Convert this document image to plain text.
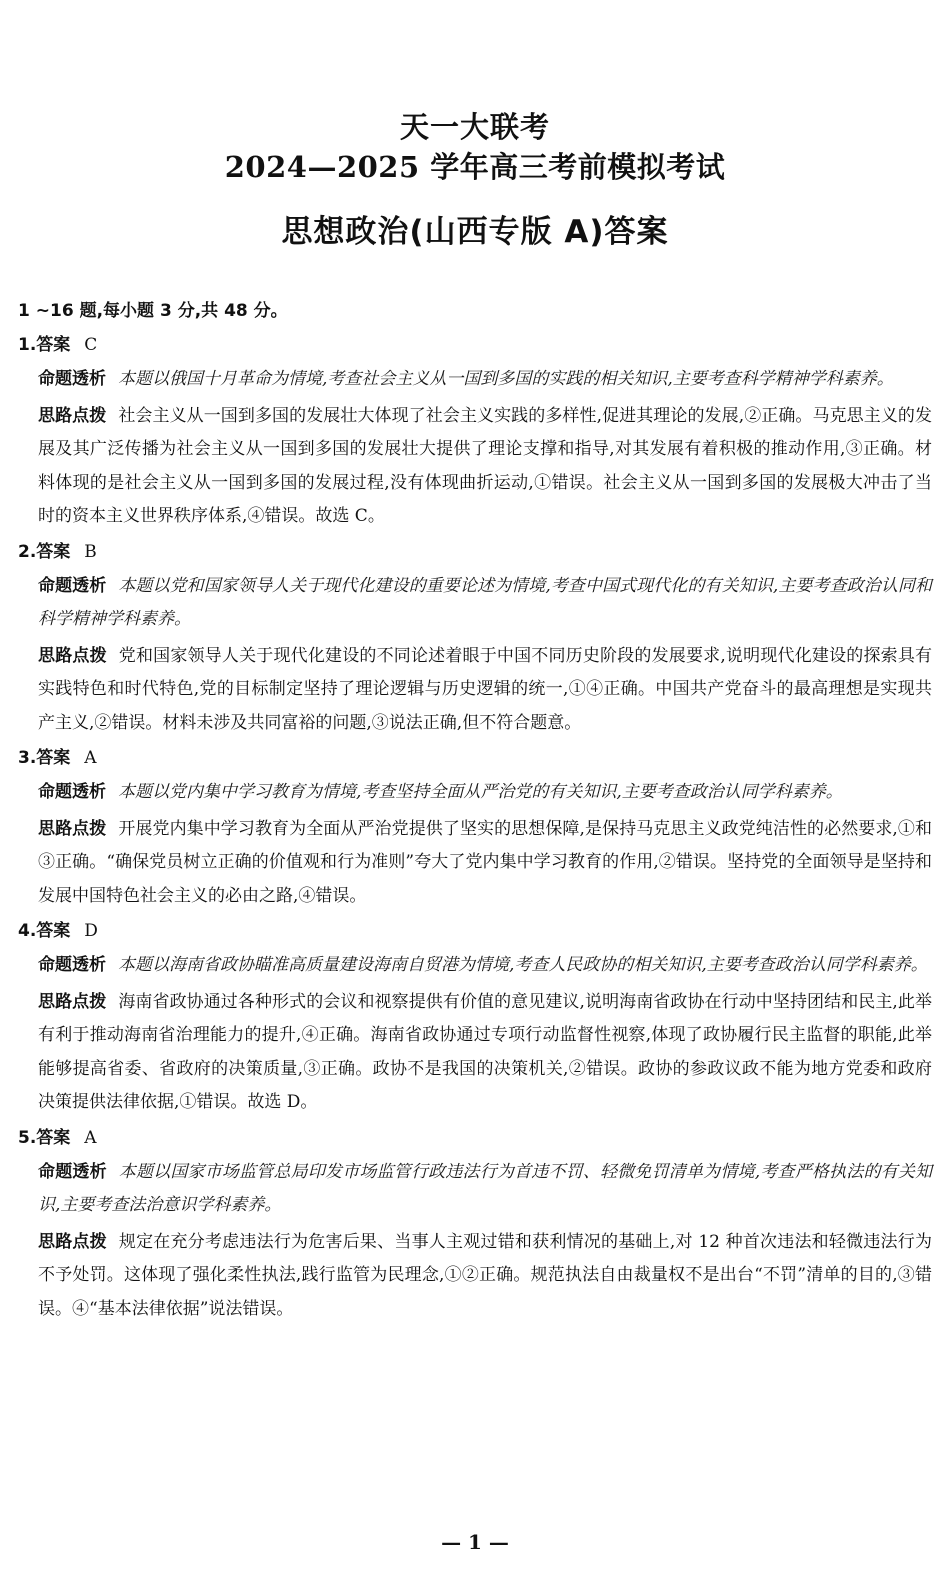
天一大联考
2024—2025 学年高三考前模拟考试
思想政治(山西专版 A)答案
1 ~16 题,每小题 3 分,共 48 分。
1.答案 C
命题透析 本题以俄国十月革命为情境,考查社会主义从一国到多国的实践的相关知识,主要考查科学精神学科素养。
思路点拨 社会主义从一国到多国的发展壮大体现了社会主义实践的多样性,促进其理论的发展,②正确。马克思主义的发展及其广泛传播为社会主义从一国到多国的发展壮大提供了理论支撑和指导,对其发展有着积极的推动作用,③正确。材料体现的是社会主义从一国到多国的发展过程,没有体现曲折运动,①错误。社会主义从一国到多国的发展极大冲击了当时的资本主义世界秩序体系,④错误。故选 C。
2.答案 B
命题透析 本题以党和国家领导人关于现代化建设的重要论述为情境,考查中国式现代化的有关知识,主要考查政治认同和科学精神学科素养。
思路点拨 党和国家领导人关于现代化建设的不同论述着眼于中国不同历史阶段的发展要求,说明现代化建设的探索具有实践特色和时代特色,党的目标制定坚持了理论逻辑与历史逻辑的统一,①④正确。中国共产党奋斗的最高理想是实现共产主义,②错误。材料未涉及共同富裕的问题,③说法正确,但不符合题意。
3.答案 A
命题透析 本题以党内集中学习教育为情境,考查坚持全面从严治党的有关知识,主要考查政治认同学科素养。
思路点拨 开展党内集中学习教育为全面从严治党提供了坚实的思想保障,是保持马克思主义政党纯洁性的必然要求,①和③正确。“确保党员树立正确的价值观和行为准则”夸大了党内集中学习教育的作用,②错误。坚持党的全面领导是坚持和发展中国特色社会主义的必由之路,④错误。
4.答案 D
命题透析 本题以海南省政协瞄准高质量建设海南自贸港为情境,考查人民政协的相关知识,主要考查政治认同学科素养。
思路点拨 海南省政协通过各种形式的会议和视察提供有价值的意见建议,说明海南省政协在行动中坚持团结和民主,此举有利于推动海南省治理能力的提升,④正确。海南省政协通过专项行动监督性视察,体现了政协履行民主监督的职能,此举能够提高省委、省政府的决策质量,③正确。政协不是我国的决策机关,②错误。政协的参政议政不能为地方党委和政府决策提供法律依据,①错误。故选 D。
5.答案 A
命题透析 本题以国家市场监管总局印发市场监管行政违法行为首违不罚、轻微免罚清单为情境,考查严格执法的有关知识,主要考查法治意识学科素养。
思路点拨 规定在充分考虑违法行为危害后果、当事人主观过错和获利情况的基础上,对 12 种首次违法和轻微违法行为不予处罚。这体现了强化柔性执法,践行监管为民理念,①②正确。规范执法自由裁量权不是出台“不罚”清单的目的,③错误。④“基本法律依据”说法错误。
— 1 —
